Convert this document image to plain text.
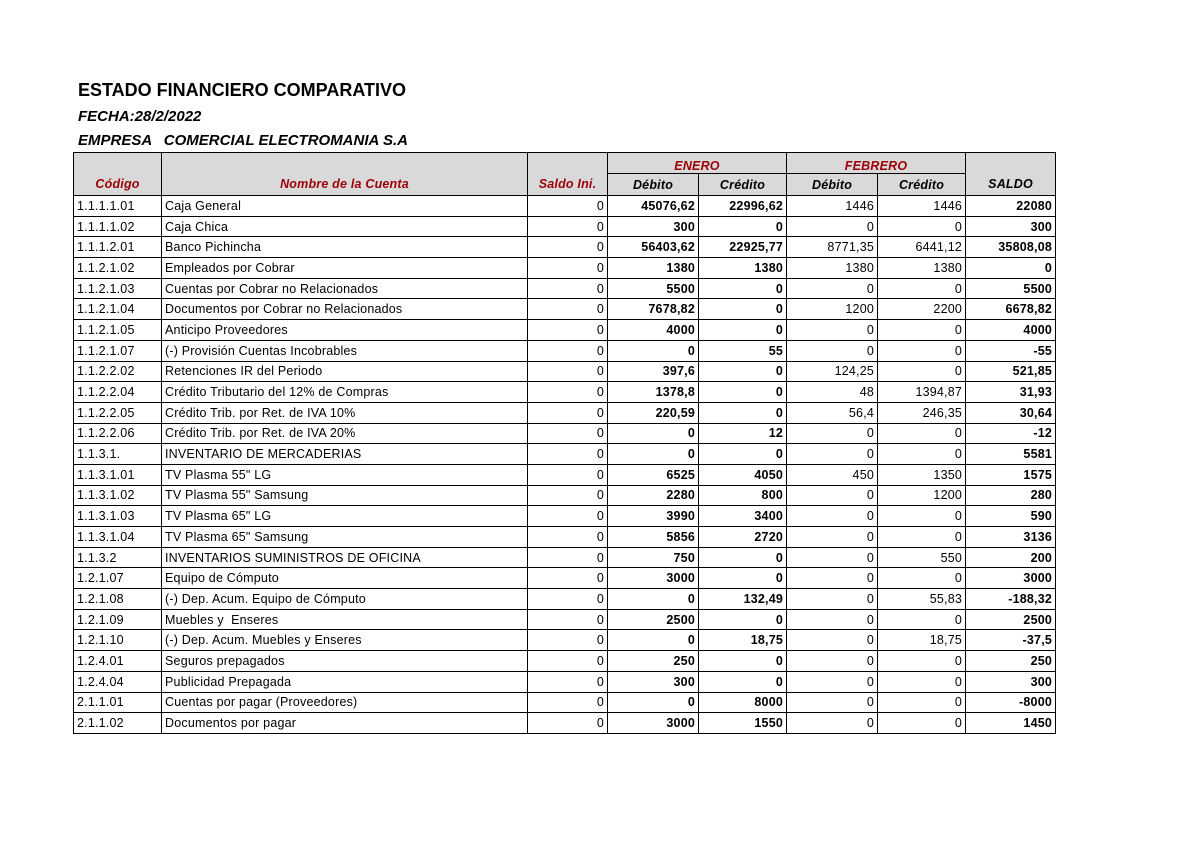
ESTADO FINANCIERO COMPARATIVO
FECHA:28/2/2022
EMPRESA COMERCIAL ELECTROMANIA S.A
			ENERO		FEBRERO		
Código	Nombre de la Cuenta	Saldo Ini.	Débito	Crédito	Débito	Crédito	SALDO
1.1.1.1.01	Caja General	0	45076,62	22996,62	1446	1446	22080
1.1.1.1.02	Caja Chica	0	300	0	0	0	300
1.1.1.2.01	Banco Pichincha	0	56403,62	22925,77	8771,35	6441,12	35808,08
1.1.2.1.02	Empleados por Cobrar	0	1380	1380	1380	1380	0
1.1.2.1.03	Cuentas por Cobrar no Relacionados	0	5500	0	0	0	5500
1.1.2.1.04	Documentos por Cobrar no Relacionados	0	7678,82	0	1200	2200	6678,82
1.1.2.1.05	Anticipo Proveedores	0	4000	0	0	0	4000
1.1.2.1.07	(-) Provisión Cuentas Incobrables	0	0	55	0	0	-55
1.1.2.2.02	Retenciones IR del Periodo	0	397,6	0	124,25	0	521,85
1.1.2.2.04	Crédito Tributario del 12% de Compras	0	1378,8	0	48	1394,87	31,93
1.1.2.2.05	Crédito Trib. por Ret. de IVA 10%	0	220,59	0	56,4	246,35	30,64
1.1.2.2.06	Crédito Trib. por Ret. de IVA 20%	0	0	12	0	0	-12
1.1.3.1.	INVENTARIO DE MERCADERIAS	0	0	0	0	0	5581
1.1.3.1.01	TV Plasma 55" LG	0	6525	4050	450	1350	1575
1.1.3.1.02	TV Plasma 55" Samsung	0	2280	800	0	1200	280
1.1.3.1.03	TV Plasma 65" LG	0	3990	3400	0	0	590
1.1.3.1.04	TV Plasma 65" Samsung	0	5856	2720	0	0	3136
1.1.3.2	INVENTARIOS SUMINISTROS DE OFICINA	0	750	0	0	550	200
1.2.1.07	Equipo de Cómputo	0	3000	0	0	0	3000
1.2.1.08	(-) Dep. Acum. Equipo de Cómputo	0	0	132,49	0	55,83	-188,32
1.2.1.09	Muebles y  Enseres	0	2500	0	0	0	2500
1.2.1.10	(-) Dep. Acum. Muebles y Enseres	0	0	18,75	0	18,75	-37,5
1.2.4.01	Seguros prepagados	0	250	0	0	0	250
1.2.4.04	Publicidad Prepagada	0	300	0	0	0	300
2.1.1.01	Cuentas por pagar (Proveedores)	0	0	8000	0	0	-8000
2.1.1.02	Documentos por pagar	0	3000	1550	0	0	1450
